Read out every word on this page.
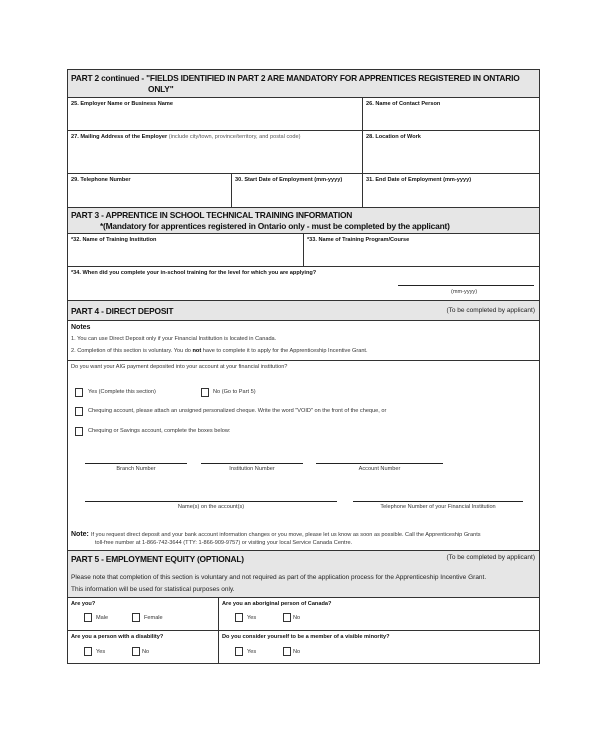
PART 2 continued - "FIELDS IDENTIFIED IN PART 2 ARE MANDATORY FOR APPRENTICES REGISTERED IN ONTARIO
ONLY"
25. Employer Name or Business Name	26. Name of Contact Person
27. Mailing Address of the Employer (include city/town, province/territory, and postal code)	28. Location of Work
29. Telephone Number	30. Start Date of Employment (mm-yyyy)	31. End Date of Employment (mm-yyyy)
PART 3 - APPRENTICE IN SCHOOL TECHNICAL TRAINING INFORMATION
*(Mandatory for apprentices registered in Ontario only - must be completed by the applicant)
*32. Name of Training Institution	*33. Name of Training Program/Course
*34. When did you complete your in-school training for the level for which you are applying?
(mm-yyyy)
PART 4 - DIRECT DEPOSIT	(To be completed by applicant)
Notes
1. You can use Direct Deposit only if your Financial Institution is located in Canada.
2. Completion of this section is voluntary. You do not have to complete it to apply for the Apprenticeship Incentive Grant.
Do you want your AIG payment deposited into your account at your financial institution?
Yes (Complete this section)	No (Go to Part 5)
Chequing account, please attach an unsigned personalized cheque. Write the word "VOID" on the front of the cheque, or
Chequing or Savings account, complete the boxes below:
Branch Number	Institution Number	Account Number
Name(s) on the account(s)	Telephone Number of your Financial Institution
Note: If you request direct deposit and your bank account information changes or you move, please let us know as soon as possible. Call the Apprenticeship Grants
toll-free number at 1-866-742-3644 (TTY: 1-866-909-9757) or visiting your local Service Canada Centre.
PART 5 - EMPLOYMENT EQUITY (OPTIONAL)	(To be completed by applicant)
Please note that completion of this section is voluntary and not required as part of the application process for the Apprenticeship Incentive Grant.
This information will be used for statistical purposes only.
Are you?
Male	Female
Are you an aboriginal person of Canada?
Yes	No
Are you a person with a disability?
Yes	No
Do you consider yourself to be a member of a visible minority?
Yes	No
